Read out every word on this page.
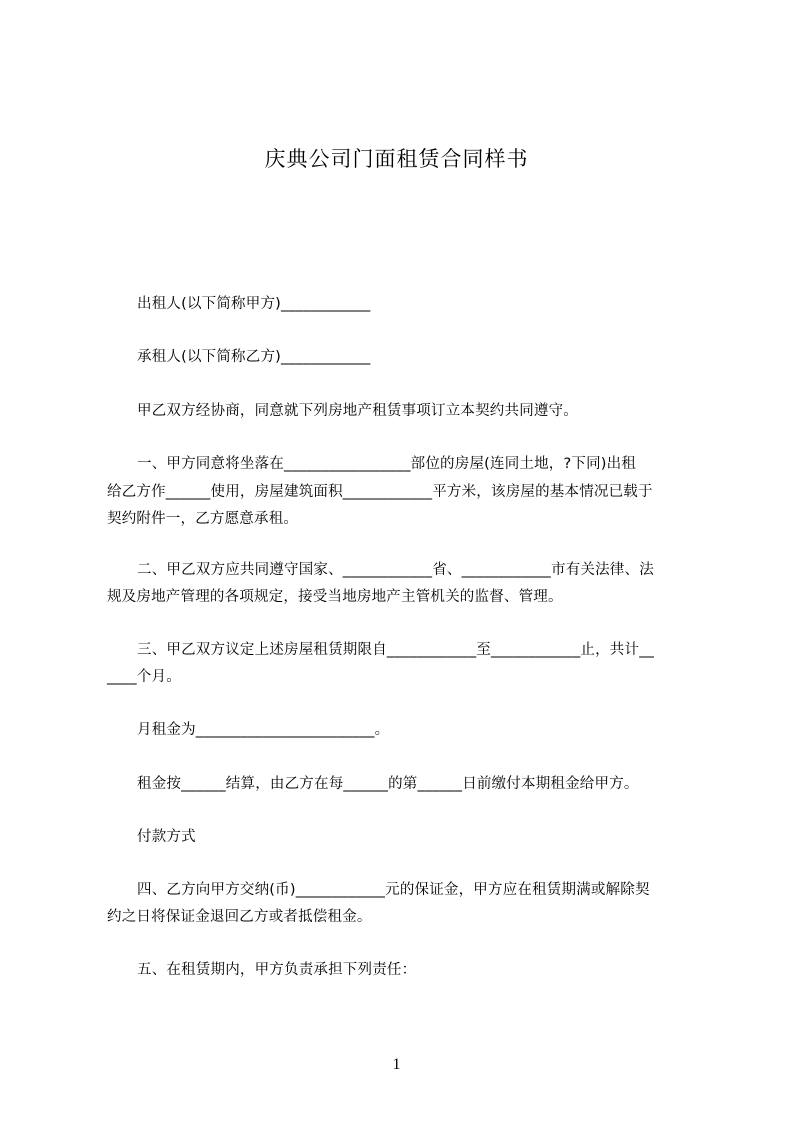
庆典公司门面租赁合同样书
出租人(以下简称甲方)____________
承租人(以下简称乙方)____________
甲乙双方经协商，同意就下列房地产租赁事项订立本契约共同遵守。
一、甲方同意将坐落在_________________部位的房屋(连同土地，?下同)出租
给乙方作______使用，房屋建筑面积____________平方米，该房屋的基本情况已载于
契约附件一，乙方愿意承租。
二、甲乙双方应共同遵守国家、____________省、____________市有关法律、法
规及房地产管理的各项规定，接受当地房地产主管机关的监督、管理。
三、甲乙双方议定上述房屋租赁期限自____________至____________止，共计__
____个月。
月租金为________________________。
租金按______结算，由乙方在每______的第______日前缴付本期租金给甲方。
付款方式
四、乙方向甲方交纳(币)____________元的保证金，甲方应在租赁期满或解除契
约之日将保证金退回乙方或者抵偿租金。
五、在租赁期内，甲方负责承担下列责任：
1
